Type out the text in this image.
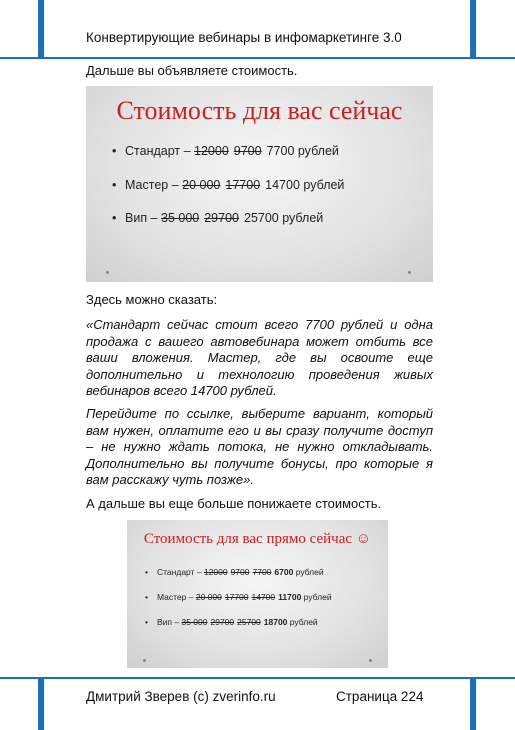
Конвертирующие вебинары в инфомаркетинге 3.0
Дальше вы объявляете стоимость.
Стоимость для вас сейчас
• Стандарт – 12000 9700 7700 рублей
• Мастер – 20 000 17700 14700 рублей
• Вип – 35 000 29700 25700 рублей
Здесь можно сказать:
«Стандарт сейчас стоит всего 7700 рублей и одна продажа с вашего автовебинара может отбить все ваши вложения. Мастер, где вы освоите еще дополнительно и технологию проведения живых вебинаров всего 14700 рублей.
Перейдите по ссылке, выберите вариант, который вам нужен, оплатите его и вы сразу получите доступ – не нужно ждать потока, не нужно откладывать. Дополнительно вы получите бонусы, про которые я вам расскажу чуть позже».
А дальше вы еще больше понижаете стоимость.
Стоимость для вас прямо сейчас ☺
• Стандарт – 12000 9700 7700 6700 рублей
• Мастер – 20 000 17700 14700 11700 рублей
• Вип – 35 000 29700 25700 18700 рублей
Дмитрий Зверев (с) zverinfo.ru	Страница 224
